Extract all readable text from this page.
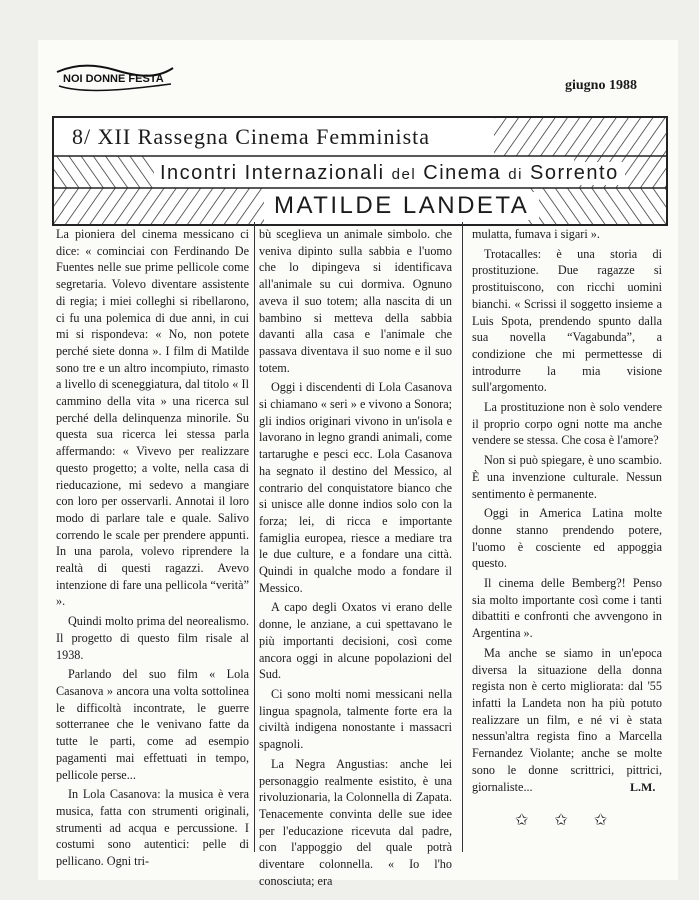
NOI DONNE FESTA	giugno 1988
8/ XII Rassegna Cinema Femminista
Incontri Internazionali del Cinema di Sorrento
MATILDE LANDETA

La pioniera del cinema messicano ci dice: « cominciai con Ferdinando De Fuentes nelle sue prime pellicole come segretaria. Volevo diventare assistente di regia; i miei colleghi si ribellarono, ci fu una polemica di due anni, in cui mi si rispondeva: « No, non potete perché siete donna ». I film di Matilde sono tre e un altro incompiuto, rimasto a livello di sceneggiatura, dal titolo « Il cammino della vita » una ricerca sul perché della delinquenza minorile. Su questa sua ricerca lei stessa parla affermando: « Vivevo per realizzare questo progetto; a volte, nella casa di rieducazione, mi sedevo a mangiare con loro per osservarli. Annotai il loro modo di parlare tale e quale. Salivo correndo le scale per prendere appunti. In una parola, volevo riprendere la realtà di questi ragazzi. Avevo intenzione di fare una pellicola “verità” ».

Quindi molto prima del neorealismo. Il progetto di questo film risale al 1938.

Parlando del suo film « Lola Casanova » ancora una volta sottolinea le difficoltà incontrate, le guerre sotterranee che le venivano fatte da tutte le parti, come ad esempio pagamenti mai effettuati in tempo, pellicole perse...

In Lola Casanova: la musica è vera musica, fatta con strumenti originali, strumenti ad acqua e percussione. I costumi sono autentici: pelle di pellicano. Ogni tri-

bù sceglieva un animale simbolo. che veniva dipinto sulla sabbia e l'uomo che lo dipingeva si identificava all'animale su cui dormiva. Ognuno aveva il suo totem; alla nascita di un bambino si metteva della sabbia davanti alla casa e l'animale che passava diventava il suo nome e il suo totem.

Oggi i discendenti di Lola Casanova si chiamano « seri » e vivono a Sonora; gli indios originari vivono in un'isola e lavorano in legno grandi animali, come tartarughe e pesci ecc. Lola Casanova ha segnato il destino del Messico, al contrario del conquistatore bianco che si unisce alle donne indios solo con la forza; lei, di ricca e importante famiglia europea, riesce a mediare tra le due culture, e a fondare una città. Quindi in qualche modo a fondare il Messico.

A capo degli Oxatos vi erano delle donne, le anziane, a cui spettavano le più importanti decisioni, così come ancora oggi in alcune popolazioni del Sud.

Ci sono molti nomi messicani nella lingua spagnola, talmente forte era la civiltà indigena nonostante i massacri spagnoli.

La Negra Angustias: anche lei personaggio realmente esistito, è una rivoluzionaria, la Colonnella di Zapata. Tenacemente convinta delle sue idee per l'educazione ricevuta dal padre, con l'appoggio del quale potrà diventare colonnella. « Io l'ho conosciuta; era

mulatta, fumava i sigari ».

Trotacalles: è una storia di prostituzione. Due ragazze si prostituiscono, con ricchi uomini bianchi. « Scrissi il soggetto insieme a Luis Spota, prendendo spunto dalla sua novella “Vagabunda”, a condizione che mi permettesse di introdurre la mia visione sull'argomento.

La prostituzione non è solo vendere il proprio corpo ogni notte ma anche vendere se stessa. Che cosa è l'amore?

Non si può spiegare, è uno scambio. È una invenzione culturale. Nessun sentimento è permanente.

Oggi in America Latina molte donne stanno prendendo potere, l'uomo è cosciente ed appoggia questo.

Il cinema delle Bemberg?! Penso sia molto importante così come i tanti dibattiti e confronti che avvengono in Argentina ».

Ma anche se siamo in un'epoca diversa la situazione della donna regista non è certo migliorata: dal '55 infatti la Landeta non ha più potuto realizzare un film, e né vi è stata nessun'altra regista fino a Marcella Fernandez Violante; anche se molte sono le donne scrittrici, pittrici, giornaliste...	L.M.
✩✩✩
